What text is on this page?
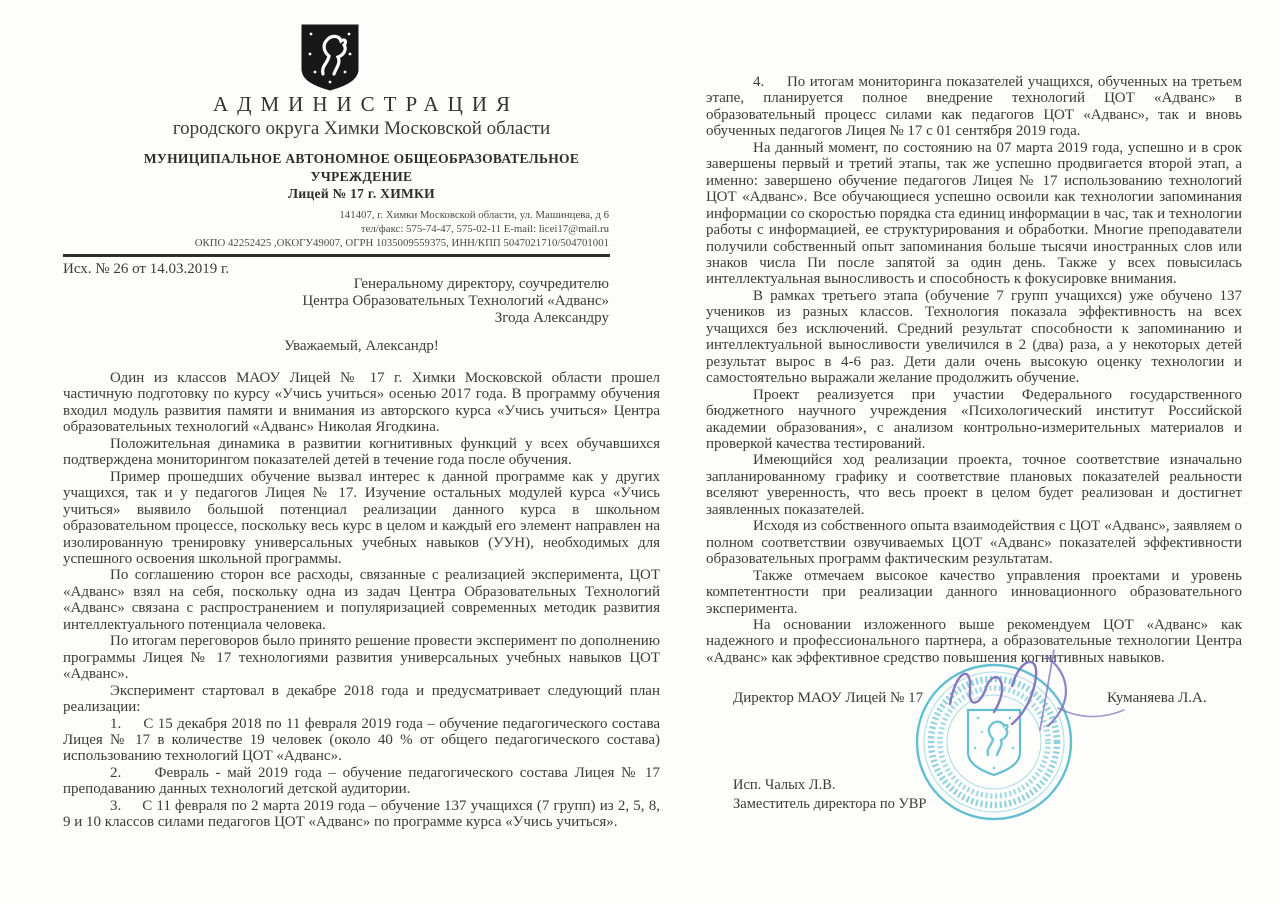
АДМИНИСТРАЦИЯ
городского округа Химки Московской области
МУНИЦИПАЛЬНОЕ АВТОНОМНОЕ ОБЩЕОБРАЗОВАТЕЛЬНОЕ
УЧРЕЖДЕНИЕ
Лицей № 17 г. ХИМКИ
141407, г. Химки Московской области, ул. Машинцева, д 6
тел/факс: 575-74-47, 575-02-11 E-mail: licei17@mail.ru
ОКПО 42252425 ,ОКОГУ49007, ОГРН 1035009559375, ИНН/КПП 5047021710/504701001
Исх. № 26 от 14.03.2019 г.
Генеральному директору, соучредителю
Центра Образовательных Технологий «Адванс»
Згода Александру
Уважаемый, Александр!

Один из классов МАОУ Лицей № 17 г. Химки Московской области прошел частичную подготовку по курсу «Учись учиться» осенью 2017 года. В программу обучения входил модуль развития памяти и внимания из авторского курса «Учись учиться» Центра образовательных технологий «Адванс» Николая Ягодкина.

Положительная динамика в развитии когнитивных функций у всех обучавшихся подтверждена мониторингом показателей детей в течение года после обучения.

Пример прошедших обучение вызвал интерес к данной программе как у других учащихся, так и у педагогов Лицея № 17. Изучение остальных модулей курса «Учись учиться» выявило большой потенциал реализации данного курса в школьном образовательном процессе, поскольку весь курс в целом и каждый его элемент направлен на изолированную тренировку универсальных учебных навыков (УУН), необходимых для успешного освоения школьной программы.

По соглашению сторон все расходы, связанные с реализацией эксперимента, ЦОТ «Адванс» взял на себя, поскольку одна из задач Центра Образовательных Технологий «Адванс» связана с распространением и популяризацией современных методик развития интеллектуального потенциала человека.

По итогам переговоров было принято решение провести эксперимент по дополнению программы Лицея № 17 технологиями развития универсальных учебных навыков ЦОТ «Адванс».

Эксперимент стартовал в декабре 2018 года и предусматривает следующий план реализации:

1.     С 15 декабря 2018 по 11 февраля 2019 года – обучение педагогического состава Лицея № 17 в количестве 19 человек (около 40 % от общего педагогического состава) использованию технологий ЦОТ «Адванс».

2.     Февраль - май 2019 года – обучение педагогического состава Лицея № 17 преподаванию данных технологий детской аудитории.

3.     С 11 февраля по 2 марта 2019 года – обучение 137 учащихся (7 групп) из 2, 5, 8, 9 и 10 классов силами педагогов ЦОТ «Адванс» по программе курса «Учись учиться».

4.     По итогам мониторинга показателей учащихся, обученных на третьем этапе, планируется полное внедрение технологий ЦОТ «Адванс» в образовательный процесс силами как педагогов ЦОТ «Адванс», так и вновь обученных педагогов Лицея № 17 с 01 сентября 2019 года.

На данный момент, по состоянию на 07 марта 2019 года, успешно и в срок завершены первый и третий этапы, так же успешно продвигается второй этап, а именно: завершено обучение педагогов Лицея № 17 использованию технологий ЦОТ «Адванс». Все обучающиеся успешно освоили как технологии запоминания информации со скоростью порядка ста единиц информации в час, так и технологии работы с информацией, ее структурирования и обработки. Многие преподаватели получили собственный опыт запоминания больше тысячи иностранных слов или знаков числа Пи после запятой за один день. Также у всех повысилась интеллектуальная выносливость и способность к фокусировке внимания.

В рамках третьего этапа (обучение 7 групп учащихся) уже обучено 137 учеников из разных классов. Технология показала эффективность на всех учащихся без исключений. Средний результат способности к запоминанию и интеллектуальной выносливости увеличился в 2 (два) раза, а у некоторых детей результат вырос в 4-6 раз. Дети дали очень высокую оценку технологии и самостоятельно выражали желание продолжить обучение.

Проект реализуется при участии Федерального государственного бюджетного научного учреждения «Психологический институт Российской академии образования», с анализом контрольно-измерительных материалов и проверкой качества тестирований.

Имеющийся ход реализации проекта, точное соответствие изначально запланированному графику и соответствие плановых показателей реальности вселяют уверенность, что весь проект в целом будет реализован и достигнет заявленных показателей.

Исходя из собственного опыта взаимодействия с ЦОТ «Адванс», заявляем о полном соответствии озвучиваемых ЦОТ «Адванс» показателей эффективности образовательных программ фактическим результатам.

Также отмечаем высокое качество управления проектами и уровень компетентности при реализации данного инновационного образовательного эксперимента.

На основании изложенного выше рекомендуем ЦОТ «Адванс» как надежного и профессионального партнера, а образовательные технологии Центра «Адванс» как эффективное средство повышения когнитивных навыков.

Директор МАОУ Лицей № 17	Куманяева Л.А.
Исп. Чалых Л.В.
Заместитель директора по УВР
